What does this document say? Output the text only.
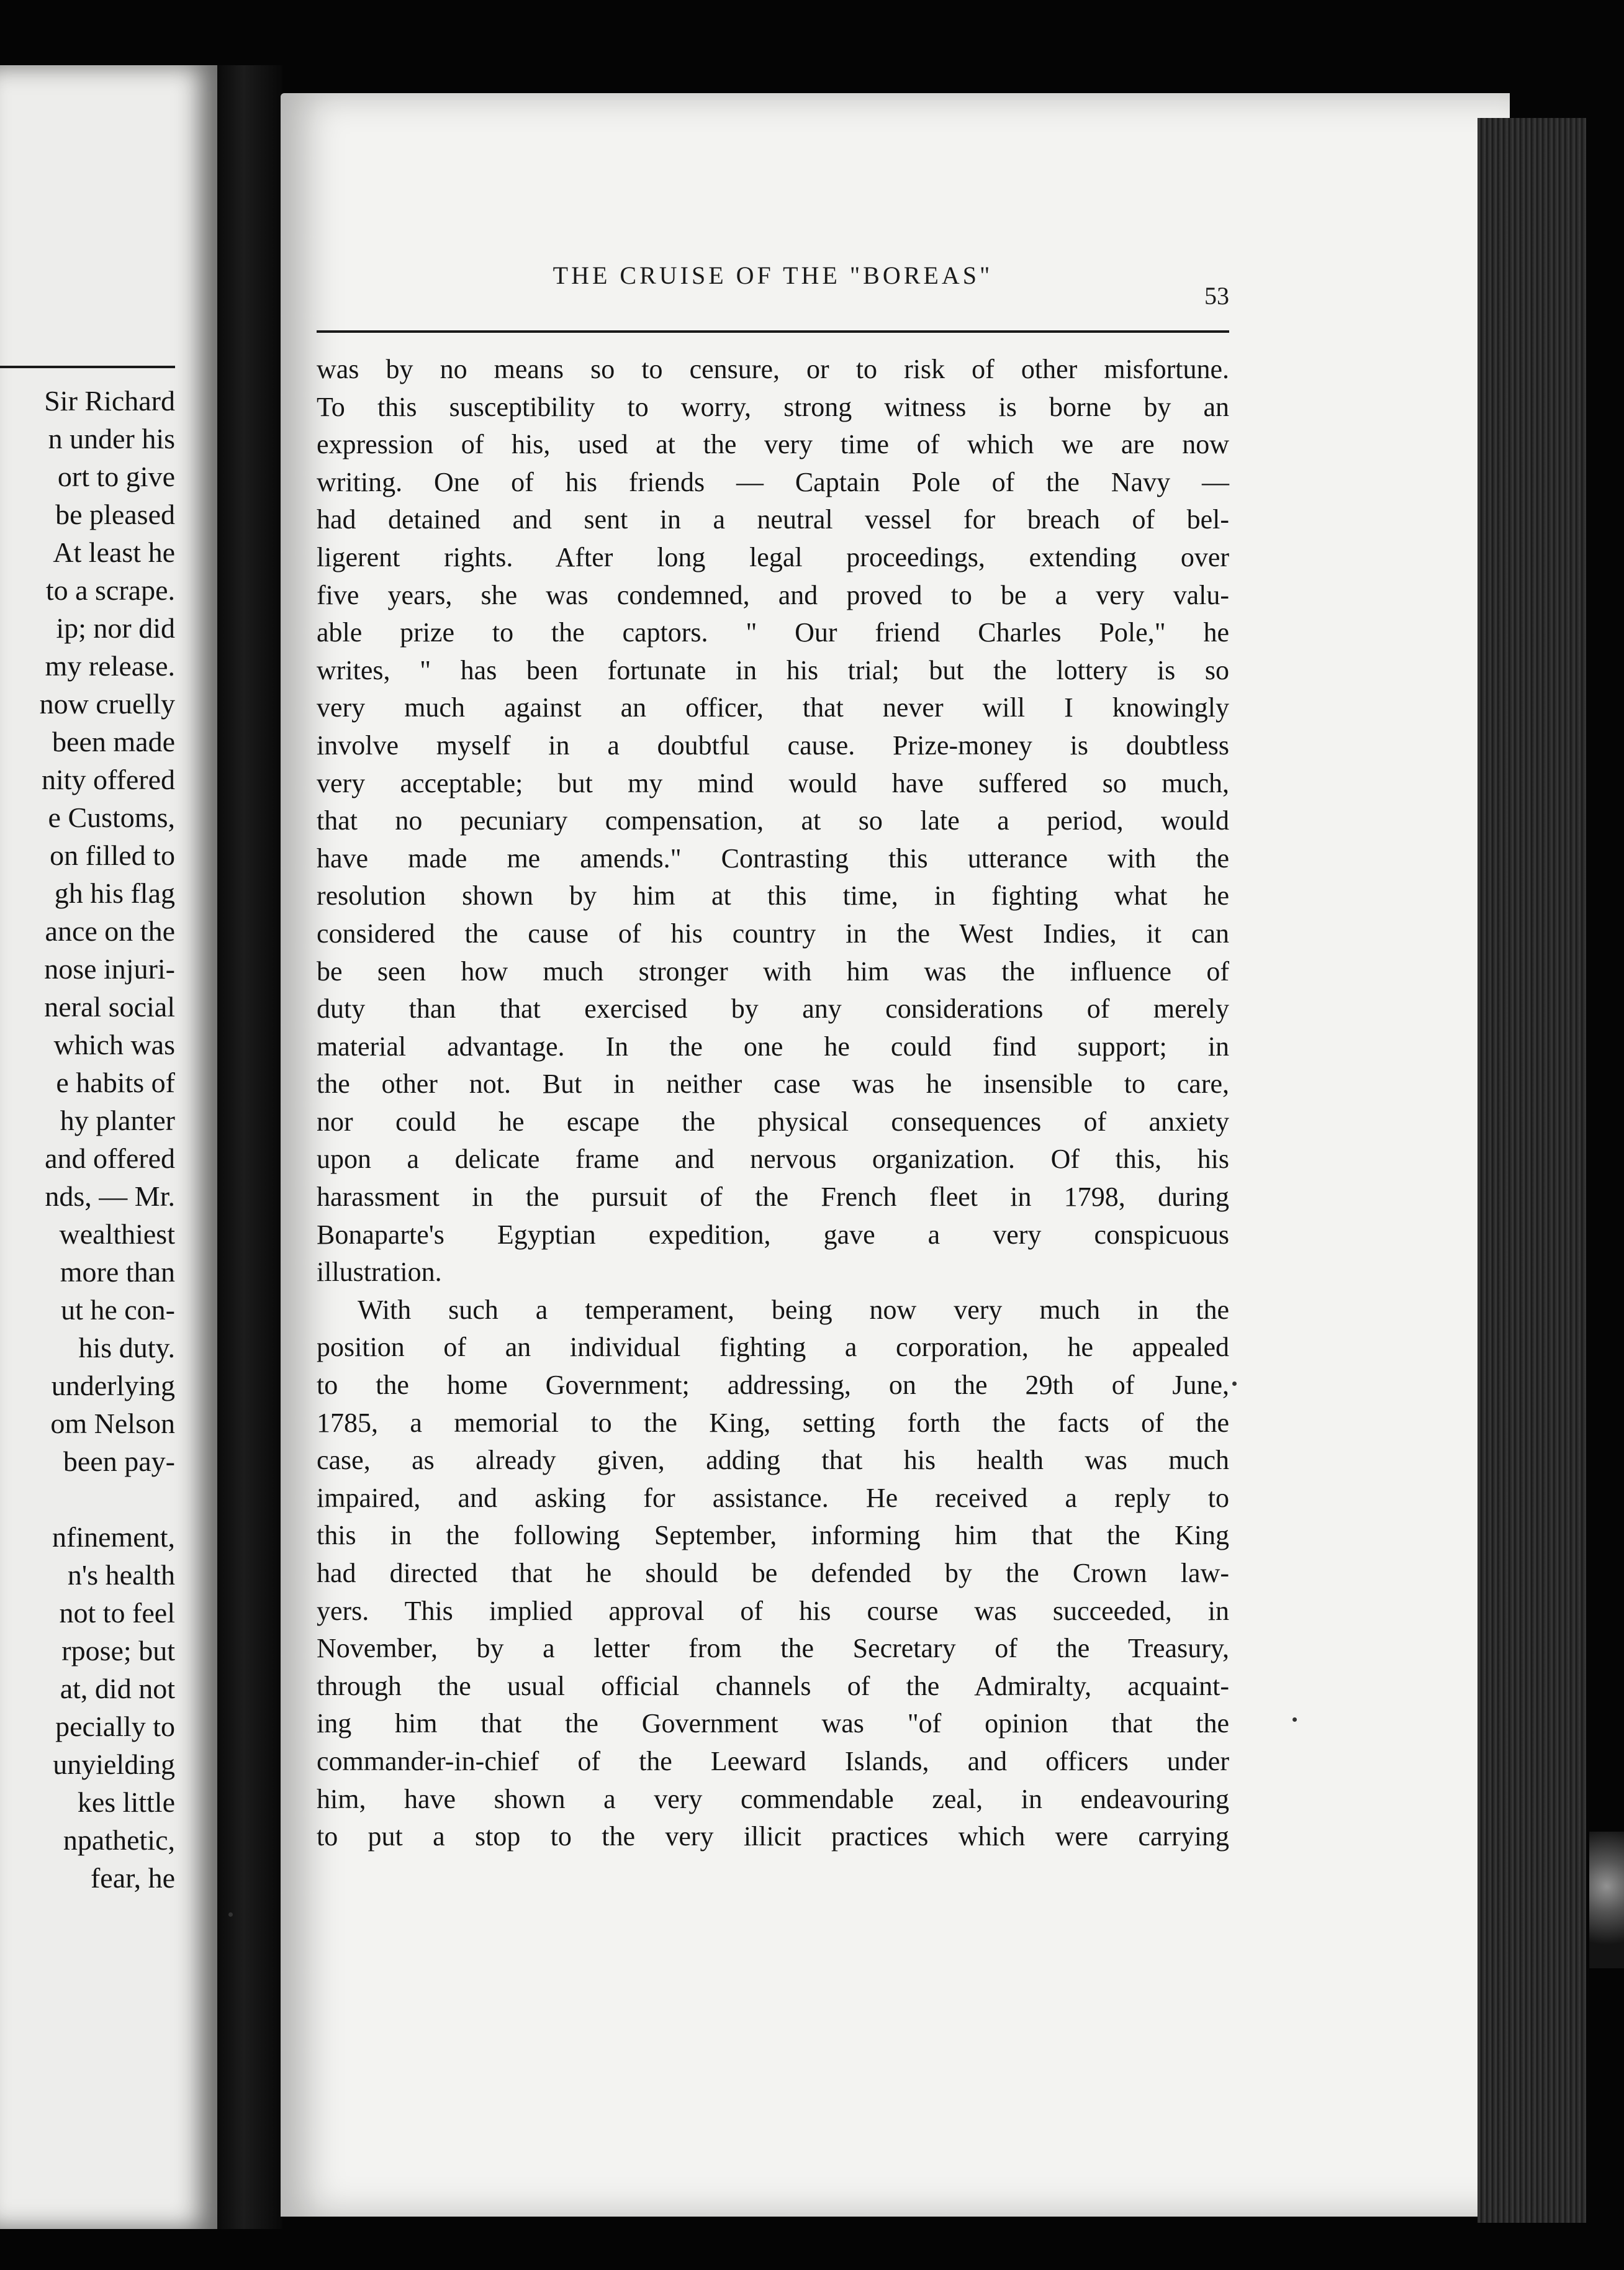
Sir Richard
n under his
ort to give
be pleased
At least he
to a scrape.
ip; nor did
my release.
now cruelly
been made
nity offered
e Customs,
on filled to
gh his flag
ance on the
nose injuri-
neral social
which was
e habits of
hy planter
and offered
nds, — Mr.
wealthiest
more than
ut he con-
his duty.
underlying
om Nelson
been pay-
nfinement,
n's health
not to feel
rpose; but
at, did not
pecially to
unyielding
kes little
npathetic,
fear, he
THE CRUISE OF THE "BOREAS"
53
was by no means so to censure, or to risk of other misfortune.
To this susceptibility to worry, strong witness is borne by an
expression of his, used at the very time of which we are now
writing. One of his friends — Captain Pole of the Navy —
had detained and sent in a neutral vessel for breach of bel-
ligerent rights. After long legal proceedings, extending over
five years, she was condemned, and proved to be a very valu-
able prize to the captors. " Our friend Charles Pole," he
writes, " has been fortunate in his trial; but the lottery is so
very much against an officer, that never will I knowingly
involve myself in a doubtful cause. Prize-money is doubtless
very acceptable; but my mind would have suffered so much,
that no pecuniary compensation, at so late a period, would
have made me amends." Contrasting this utterance with the
resolution shown by him at this time, in fighting what he
considered the cause of his country in the West Indies, it can
be seen how much stronger with him was the influence of
duty than that exercised by any considerations of merely
material advantage. In the one he could find support; in
the other not. But in neither case was he insensible to care,
nor could he escape the physical consequences of anxiety
upon a delicate frame and nervous organization. Of this, his
harassment in the pursuit of the French fleet in 1798, during
Bonaparte's Egyptian expedition, gave a very conspicuous
illustration.
With such a temperament, being now very much in the
position of an individual fighting a corporation, he appealed
to the home Government; addressing, on the 29th of June,
1785, a memorial to the King, setting forth the facts of the
case, as already given, adding that his health was much
impaired, and asking for assistance. He received a reply to
this in the following September, informing him that the King
had directed that he should be defended by the Crown law-
yers. This implied approval of his course was succeeded, in
November, by a letter from the Secretary of the Treasury,
through the usual official channels of the Admiralty, acquaint-
ing him that the Government was "of opinion that the
commander-in-chief of the Leeward Islands, and officers under
him, have shown a very commendable zeal, in endeavouring
to put a stop to the very illicit practices which were carrying
